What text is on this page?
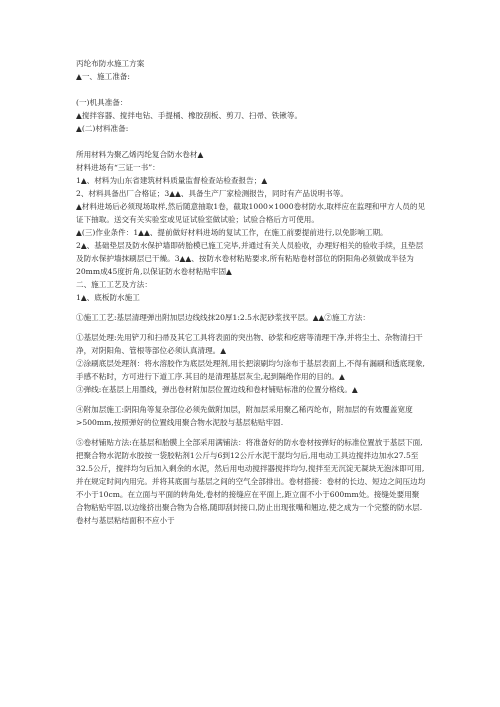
丙纶布防水施工方案
▲一、施工准备:
(一)机具准备：
▲搅拌容器、搅拌电钻、手提桶、橡胶刮板、剪刀、扫帚、铁锹等。
▲(二)材料准备:
所用材料为聚乙烯丙纶复合防水卷材▲
材料进场有“三证一书”：
1▲、材料为山东省建筑材料质量监督检查站检查报告；▲
2、材料具备出厂合格证；3▲▲、具备生产厂家检测报告，同时有产品说明书等。
▲材料进场后必须现场取样,然后随意抽取1卷，截取1000×1000卷材防水,取样应在监理和甲方人员的见证下抽取。送交有关实验室或见证试验室做试验；试验合格后方可使用。
▲(三)作业条件：1▲▲、提前做好材料进场的复试工作，在施工前要提前进行,以免影响工期。
2▲、基础垫层及防水保护墙即砖胎模已施工完毕,并通过有关人员验收，办理好相关的验收手续，且垫层及防水保护墙抹刷层已干燥。3▲▲、按防水卷材粘贴要求,所有粘贴卷材部位的阴阳角必须做成半径为20mm成45度折角,以保证防水卷材粘贴牢固▲
二、施工工艺及方法：
1▲、底板防水施工
①施工工艺:基层清理弹出附加层边线线抹20厚1:2.5水泥砂浆找平层。▲▲②施工方法：
①基层处理:先用铲刀和扫帚及其它工具将表面的突出物、砂浆和疙瘩等清理干净,并将尘土、杂物清扫干净，对阴阳角、管根等部位必须认真清理。▲
②涂刷底层处理剂：将水溶胶作为底层处理剂,用长把滚刷均匀涂布于基层表面上,不得有漏刷和透底现象,手感不粘时，方可进行下道工序.其目的是清理基层灰尘,起到隔绝作用的目的。▲
③弹线:在基层上用墨线，弹出卷材附加层位置边线和卷材铺贴标准的位置分格线。▲
④附加层施工:阴阳角等复杂部位必须先做附加层，附加层采用聚乙稀丙纶布，附加层的有效覆盖宽度>500mm,按照弹好的位置线用聚合物水泥胶与基层粘贴牢固.
⑤卷材铺贴方法:在基层和胎膜上全部采用满铺法：将准备好的防水卷材按弹好的标准位置放于基层下面,把聚合物水泥防水胶按一袋胶粘剂1公斤与6到12公斤水泥干混均匀后,用电动工具边搅拌边加水27.5至32.5公斤，搅拌均匀后加入剩余的水泥，然后用电动搅拌器搅拌均匀,搅拌至无沉淀无凝块无泡沫即可用,并在规定时间内用完。并将其底面与基层之间的空气全部排出。卷材搭接：卷材的长边、短边之间压边均不小于10cm。在立面与平面的转角处,卷材的接缝应在平面上,距立面不小于600mm处。接缝处要用聚合物粘贴牢固,以边缘挤出聚合物为合格,随即刮封接口,防止出现张嘴和翘边,使之成为一个完整的防水层.卷材与基层粘结面积不应小于
